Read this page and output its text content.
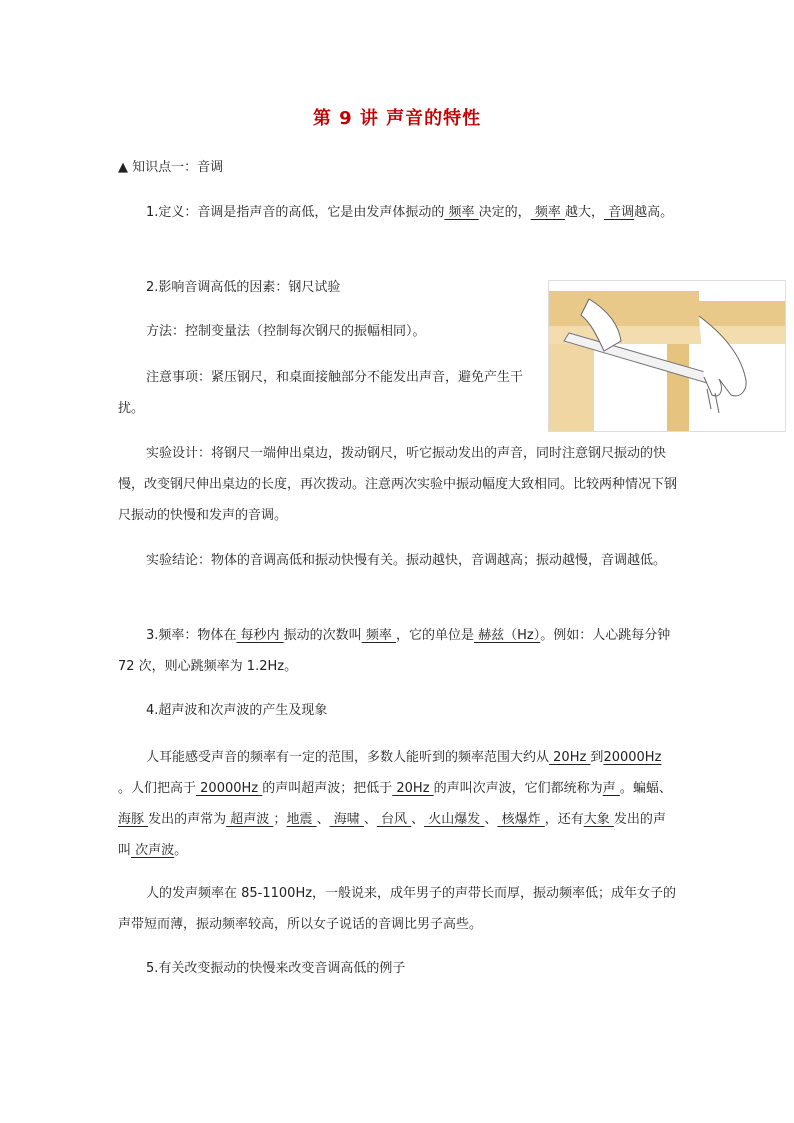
第 9 讲 声音的特性
▲ 知识点一：音调
1.定义：音调是指声音的高低，它是由发声体振动的 频率 决定的， 频率 越大， 音调越高。
2.影响音调高低的因素：钢尺试验
方法：控制变量法（控制每次钢尺的振幅相同）。
注意事项：紧压钢尺，和桌面接触部分不能发出声音，避免产生干扰。
实验设计：将钢尺一端伸出桌边，拨动钢尺，听它振动发出的声音，同时注意钢尺振动的快慢，改变钢尺伸出桌边的长度，再次拨动。注意两次实验中振动幅度大致相同。比较两种情况下钢尺振动的快慢和发声的音调。
实验结论：物体的音调高低和振动快慢有关。振动越快，音调越高；振动越慢，音调越低。
3.频率：物体在 每秒内 振动的次数叫 频率 ，它的单位是 赫兹（Hz）。例如：人心跳每分钟 72 次，则心跳频率为 1.2Hz。
4.超声波和次声波的产生及现象
人耳能感受声音的频率有一定的范围，多数人能听到的频率范围大约从 20Hz 到20000Hz 。人们把高于 20000Hz 的声叫超声波；把低于 20Hz 的声叫次声波，它们都统称为声 。蝙蝠、海豚 发出的声常为 超声波 ；地震 、 海啸 、 台风 、 火山爆发 、 核爆炸 ，还有大象 发出的声叫 次声波。
人的发声频率在 85-1100Hz，一般说来，成年男子的声带长而厚，振动频率低；成年女子的声带短而薄，振动频率较高，所以女子说话的音调比男子高些。
5.有关改变振动的快慢来改变音调高低的例子
